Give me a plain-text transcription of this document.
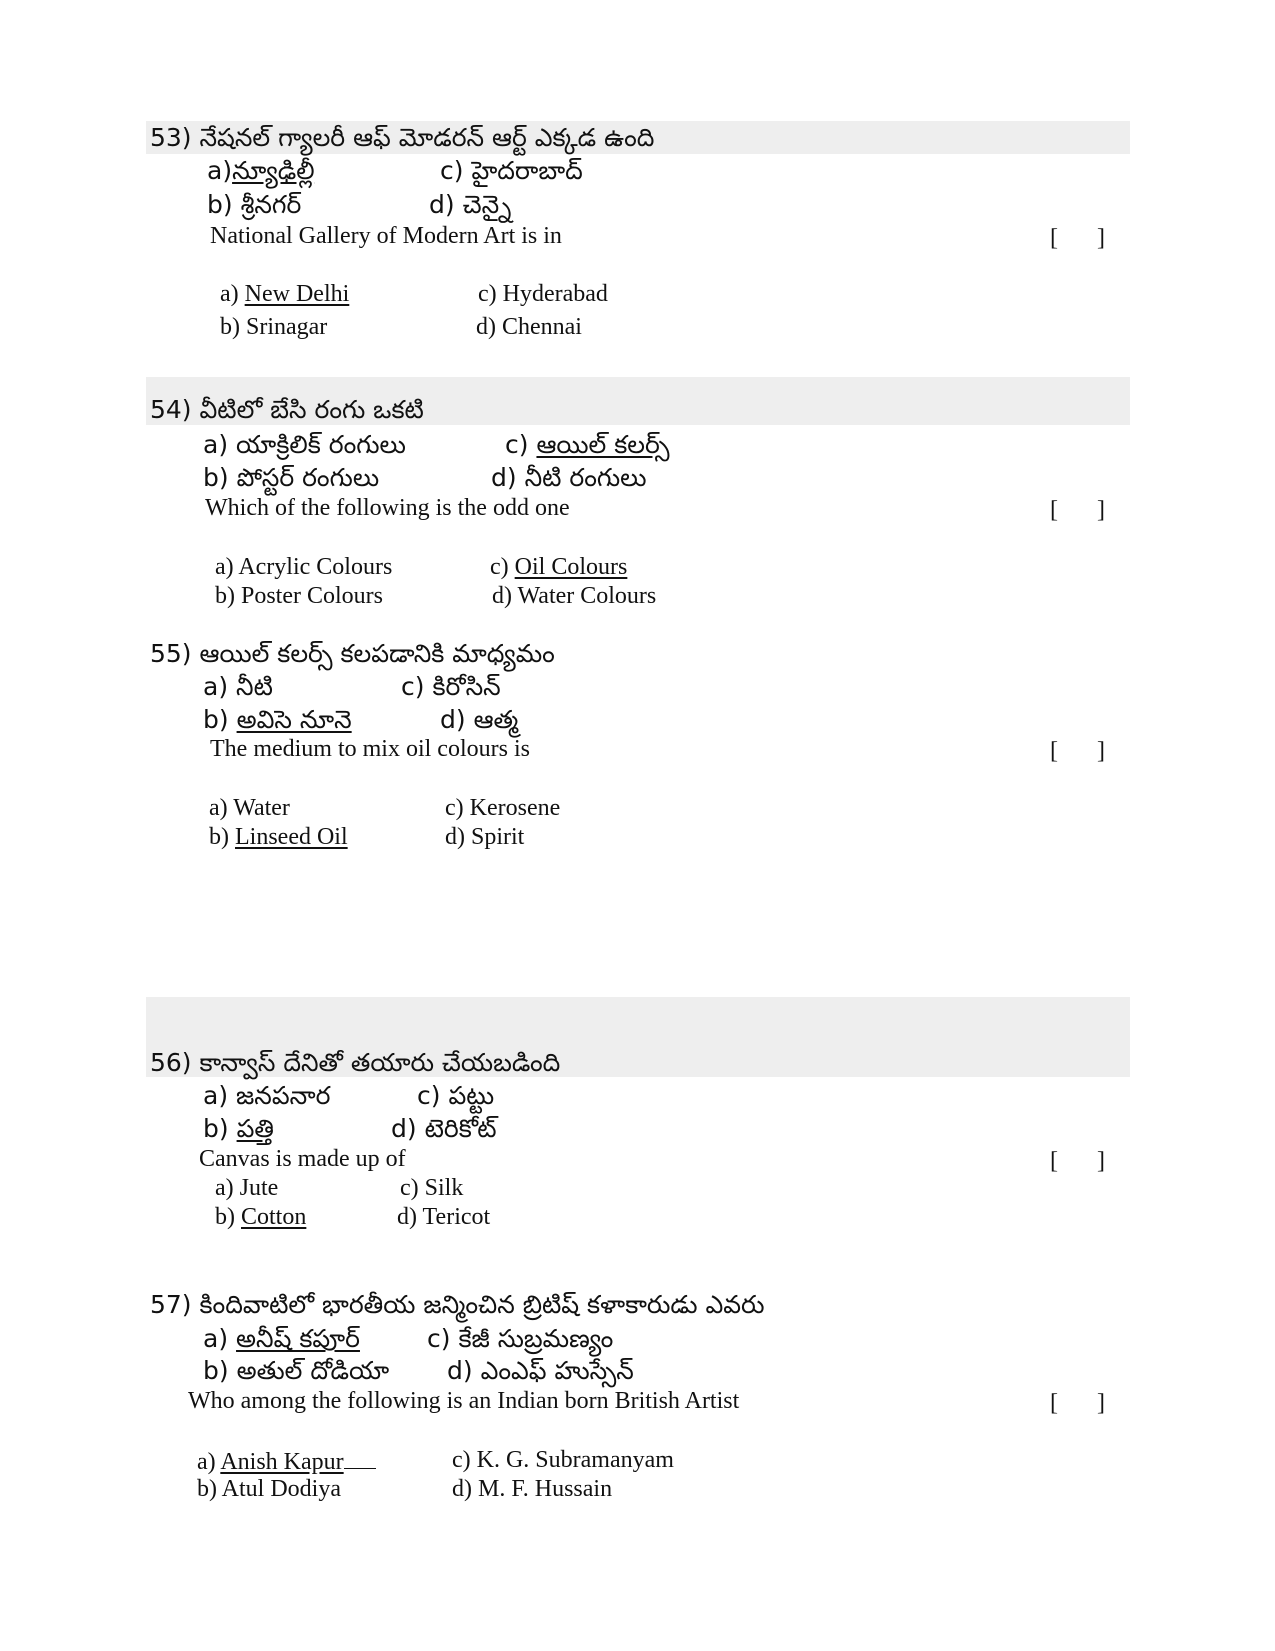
53) నేషనల్ గ్యాలరీ ఆఫ్ మోడరన్ ఆర్ట్ ఎక్కడ ఉంది
a)న్యూఢిల్లీ	c) హైదరాబాద్
b) శ్రీనగర్	d) చెన్నై
National Gallery of Modern Art is in	[ ]
a) New Delhi	c) Hyderabad
b) Srinagar	d) Chennai
54) వీటిలో బేసి రంగు ఒకటి
a) యాక్రిలిక్ రంగులు	c) ఆయిల్ కలర్స్
b) పోస్టర్ రంగులు	d) నీటి రంగులు
Which of the following is the odd one	[ ]
a) Acrylic Colours	c) Oil Colours
b) Poster Colours	d) Water Colours
55) ఆయిల్ కలర్స్ కలపడానికి మాధ్యమం
a) నీటి	c) కిరోసిన్
b) అవిసె నూనె	d) ఆత్మ
The medium to mix oil colours is	[ ]
a) Water	c) Kerosene
b) Linseed Oil	d) Spirit
56) కాన్వాస్ దేనితో తయారు చేయబడింది
a) జనపనార	c) పట్టు
b) పత్తి	d) టెరికోట్
Canvas is made up of	[ ]
a) Jute	c) Silk
b) Cotton	d) Tericot
57) కిందివాటిలో భారతీయ జన్మించిన బ్రిటిష్ కళాకారుడు ఎవరు
a) అనీష్ కపూర్	c) కేజీ సుబ్రమణ్యం
b) అతుల్ దోడియా d) ఎంఎఫ్ హుస్సేన్
Who among the following is an Indian born British Artist	[ ]
a) Anish Kapur	c) K. G. Subramanyam
b) Atul Dodiya	d) M. F. Hussain
